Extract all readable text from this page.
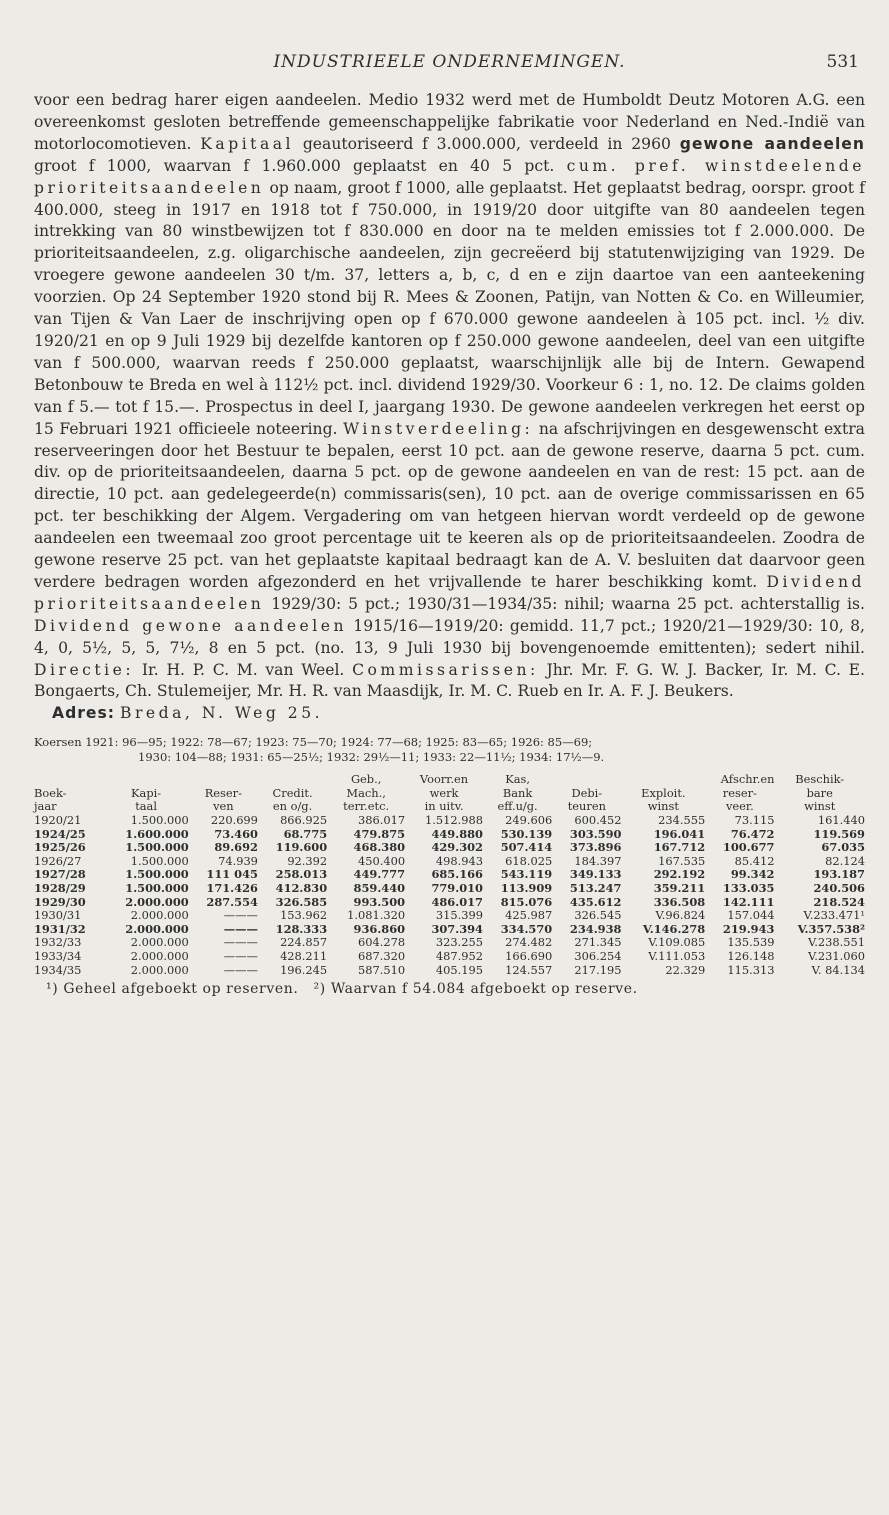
INDUSTRIEELE ONDERNEMINGEN.	531

voor een bedrag harer eigen aandeelen. Medio 1932 werd met de Humboldt Deutz Motoren A.G. een overeenkomst gesloten betreffende gemeenschappelijke fabrikatie voor Nederland en Ned.-Indië van motorlocomotieven. Kapitaal geautoriseerd f 3.000.000, verdeeld in 2960 gewone aandeelen groot f 1000, waarvan f 1.960.000 geplaatst en 40 5 pct. cum. pref. winstdeelende prioriteitsaandeelen op naam, groot f 1000, alle geplaatst. Het geplaatst bedrag, oorspr. groot f 400.000, steeg in 1917 en 1918 tot f 750.000, in 1919/20 door uitgifte van 80 aandeelen tegen intrekking van 80 winstbewijzen tot f 830.000 en door na te melden emissies tot f 2.000.000. De prioriteitsaandeelen, z.g. oligarchische aandeelen, zijn gecreëerd bij statutenwijziging van 1929. De vroegere gewone aandeelen 30 t/m. 37, letters a, b, c, d en e zijn daartoe van een aanteekening voorzien. Op 24 September 1920 stond bij R. Mees & Zoonen, Patijn, van Notten & Co. en Willeumier, van Tijen & Van Laer de inschrijving open op f 670.000 gewone aandeelen à 105 pct. incl. ½ div. 1920/21 en op 9 Juli 1929 bij dezelfde kantoren op f 250.000 gewone aandeelen, deel van een uitgifte van f 500.000, waarvan reeds f 250.000 geplaatst, waarschijnlijk alle bij de Intern. Gewapend Betonbouw te Breda en wel à 112½ pct. incl. dividend 1929/30. Voorkeur 6 : 1, no. 12. De claims golden van f 5.— tot f 15.—. Prospectus in deel I, jaargang 1930. De gewone aandeelen verkregen het eerst op 15 Februari 1921 officieele noteering. Winstverdeeling: na afschrijvingen en desgewenscht extra reserveeringen door het Bestuur te bepalen, eerst 10 pct. aan de gewone reserve, daarna 5 pct. cum. div. op de prioriteitsaandeelen, daarna 5 pct. op de gewone aandeelen en van de rest: 15 pct. aan de directie, 10 pct. aan gedelegeerde(n) commissaris(sen), 10 pct. aan de overige commissarissen en 65 pct. ter beschikking der Algem. Vergadering om van hetgeen hiervan wordt verdeeld op de gewone aandeelen een tweemaal zoo groot percentage uit te keeren als op de prioriteitsaandeelen. Zoodra de gewone reserve 25 pct. van het geplaatste kapitaal bedraagt kan de A. V. besluiten dat daarvoor geen verdere bedragen worden afgezonderd en het vrijvallende te harer beschikking komt. Dividend prioriteitsaandeelen 1929/30: 5 pct.; 1930/31—1934/35: nihil; waarna 25 pct. achterstallig is. Dividend gewone aandeelen 1915/16—1919/20: gemidd. 11,7 pct.; 1920/21—1929/30: 10, 8, 4, 0, 5½, 5, 5, 7½, 8 en 5 pct. (no. 13, 9 Juli 1930 bij bovengenoemde emittenten); sedert nihil. Directie: Ir. H. P. C. M. van Weel. Commissarissen: Jhr. Mr. F. G. W. J. Backer, Ir. M. C. E. Bongaerts, Ch. Stulemeijer, Mr. H. R. van Maasdijk, Ir. M. C. Rueb en Ir. A. F. J. Beukers.
Adres: Breda, N. Weg 25.

Koersen 1921: 96—95; 1922: 78—67; 1923: 75—70; 1924: 77—68; 1925: 83—65; 1926: 85—69;
1930: 104—88; 1931: 65—25½; 1932: 29½—11; 1933: 22—11½; 1934: 17½—9.
				Geb.,	Voorr.en	Kas,		Afschr.en		Beschik-
Boek-	Kapi-	Reser-	Credit.	Mach.,	werk	Bank	Debi-	Exploit.	reser-	bare
jaar	taal	ven	en o/g.	terr.etc.	in uitv.	eff.u/g.	teuren	winst	veer.	winst
1920/21	1.500.000	220.699	866.925	386.017	1.512.988	249.606	600.452	234.555	73.115	161.440
1924/25	1.600.000	73.460	68.775	479.875	449.880	530.139	303.590	196.041	76.472	119.569
1925/26	1.500.000	89.692	119.600	468.380	429.302	507.414	373.896	167.712	100.677	67.035
1926/27	1.500.000	74.939	92.392	450.400	498.943	618.025	184.397	167.535	85.412	82.124
1927/28	1.500.000	111 045	258.013	449.777	685.166	543.119	349.133	292.192	99.342	193.187
1928/29	1.500.000	171.426	412.830	859.440	779.010	113.909	513.247	359.211	133.035	240.506
1929/30	2.000.000	287.554	326.585	993.500	486.017	815.076	435.612	336.508	142.111	218.524
1930/31	2.000.000	———	153.962	1.081.320	315.399	425.987	326.545	V.96.824	157.044	V.233.471¹
1931/32	2.000.000	———	128.333	936.860	307.394	334.570	234.938	V.146.278	219.943	V.357.538²
1932/33	2.000.000	———	224.857	604.278	323.255	274.482	271.345	V.109.085	135.539	V.238.551
1933/34	2.000.000	———	428.211	687.320	487.952	166.690	306.254	V.111.053	126.148	V.231.060
1934/35	2.000.000	———	196.245	587.510	405.195	124.557	217.195	22.329	115.313	V. 84.134
¹) Geheel afgeboekt op reserven. ²) Waarvan f 54.084 afgeboekt op reserve.
